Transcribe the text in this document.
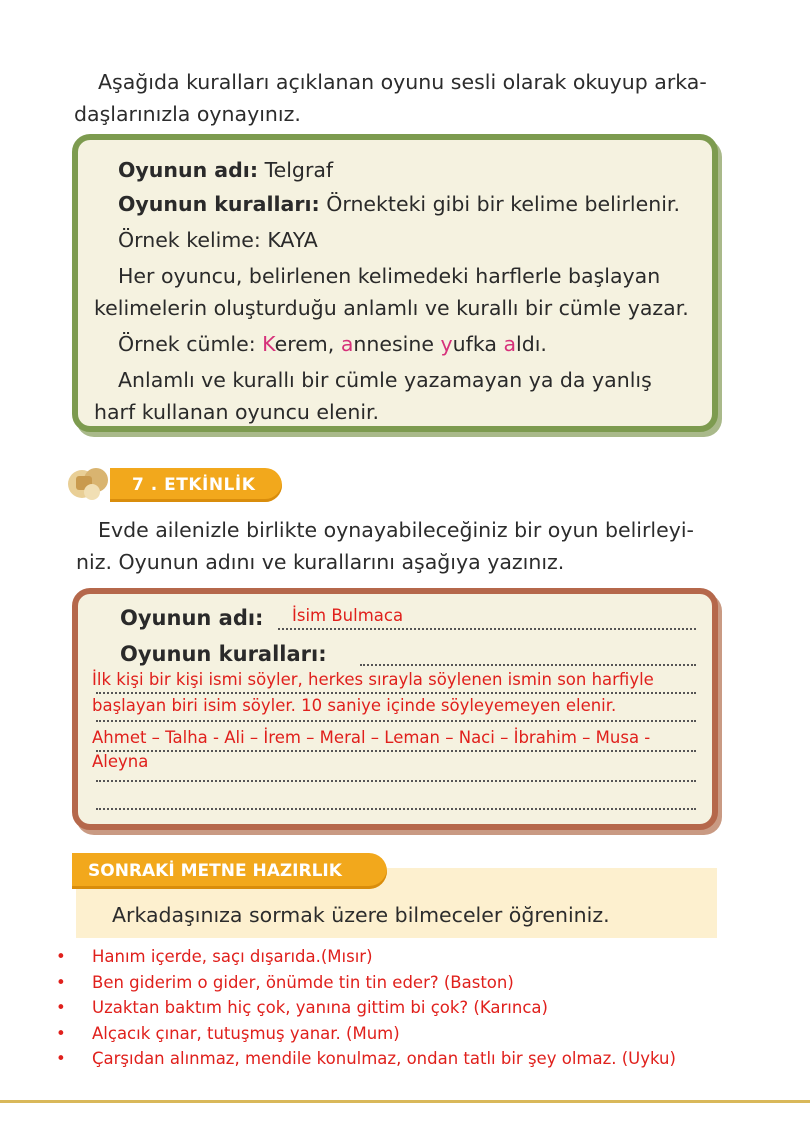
Aşağıda kuralları açıklanan oyunu sesli olarak okuyup arka-
daşlarınızla oynayınız.
Oyunun adı: Telgraf
Oyunun kuralları: Örnekteki gibi bir kelime belirlenir.
Örnek kelime: KAYA
Her oyuncu, belirlenen kelimedeki harflerle başlayan
kelimelerin oluşturduğu anlamlı ve kurallı bir cümle yazar.
Örnek cümle: Kerem, annesine yufka aldı.
Anlamlı ve kurallı bir cümle yazamayan ya da yanlış
harf kullanan oyuncu elenir.
7 . ETKİNLİK
Evde ailenizle birlikte oynayabileceğiniz bir oyun belirleyi-
niz. Oyunun adını ve kurallarını aşağıya yazınız.
Oyunun adı: İsim Bulmaca
Oyunun kuralları:
İlk kişi bir kişi ismi söyler, herkes sırayla söylenen ismin son harfiyle
başlayan biri isim söyler. 10 saniye içinde söyleyemeyen elenir.
Ahmet – Talha - Ali – İrem – Meral – Leman – Naci – İbrahim – Musa -
Aleyna
SONRAKİ METNE HAZIRLIK
Arkadaşınıza sormak üzere bilmeceler öğreniniz.
• Hanım içerde, saçı dışarıda.(Mısır)
• Ben giderim o gider, önümde tin tin eder? (Baston)
• Uzaktan baktım hiç çok, yanına gittim bi çok? (Karınca)
• Alçacık çınar, tutuşmuş yanar. (Mum)
• Çarşıdan alınmaz, mendile konulmaz, ondan tatlı bir şey olmaz. (Uyku)
